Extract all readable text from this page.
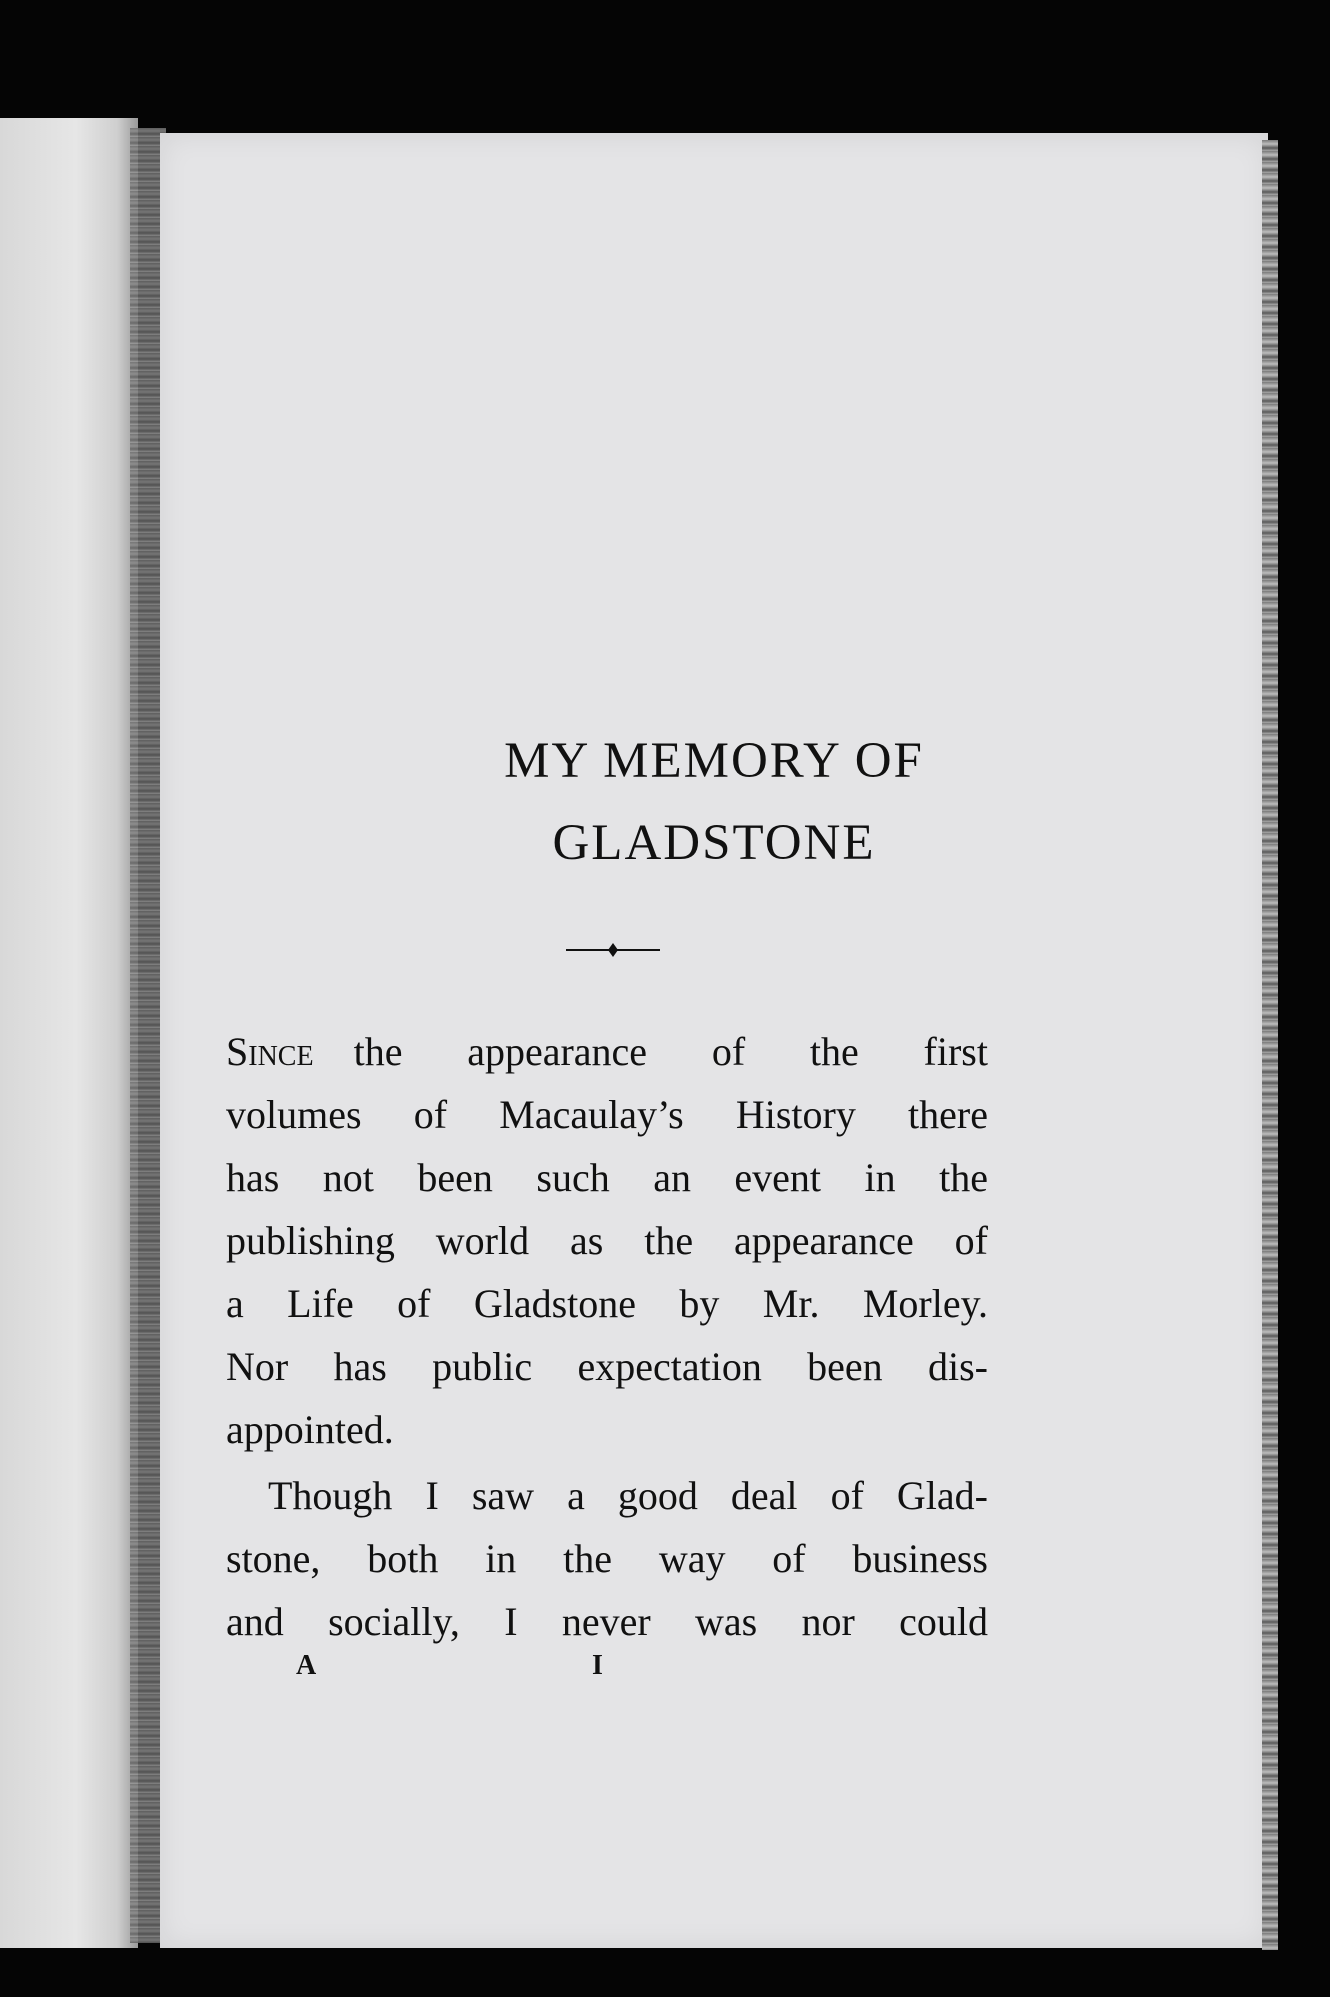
MY MEMORY OF
GLADSTONE
Since the appearance of the first
volumes of Macaulay’s History there
has not been such an event in the
publishing world as the appearance of
a Life of Gladstone by Mr. Morley.
Nor has public expectation been dis-
appointed.
Though I saw a good deal of Glad-
stone, both in the way of business
and socially, I never was nor could
A	I
